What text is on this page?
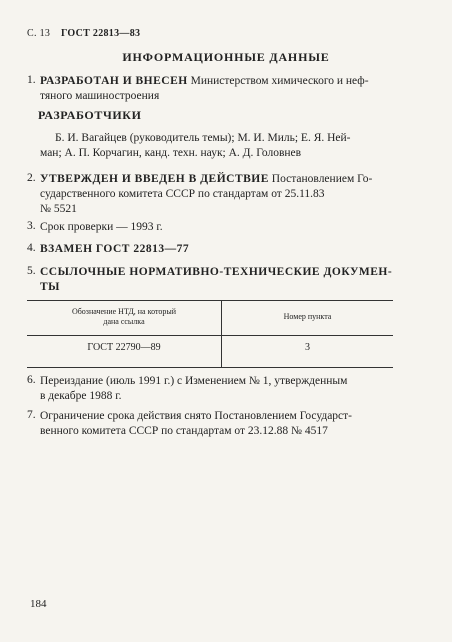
С. 13 ГОСТ 22813—83
ИНФОРМАЦИОННЫЕ ДАННЫЕ
1. РАЗРАБОТАН И ВНЕСЕН Министерством химического и неф-

тяного машиностроения

РАЗРАБОТЧИКИ
Б. И. Вагайцев (руководитель темы); М. И. Миль; Е. Я. Ней-
ман; А. П. Корчагин, канд. техн. наук; А. Д. Головнев
2. УТВЕРЖДЕН И ВВЕДЕН В ДЕЙСТВИЕ Постановлением Го-

сударственного комитета СССР по стандартам от 25.11.83

№ 5521

3. Срок проверки — 1993 г.

4. ВЗАМЕН ГОСТ 22813—77

5. ССЫЛОЧНЫЕ НОРМАТИВНО-ТЕХНИЧЕСКИЕ ДОКУМЕН-

ТЫ

Обозначение НТД, на который
дана ссылка	Номер пункта
ГОСТ 22790—89	3
6. Переиздание (июль 1991 г.) с Изменением № 1, утвержденным

в декабре 1988 г.

7. Ограничение срока действия снято Постановлением Государст-

венного комитета СССР по стандартам от 23.12.88 № 4517

184
